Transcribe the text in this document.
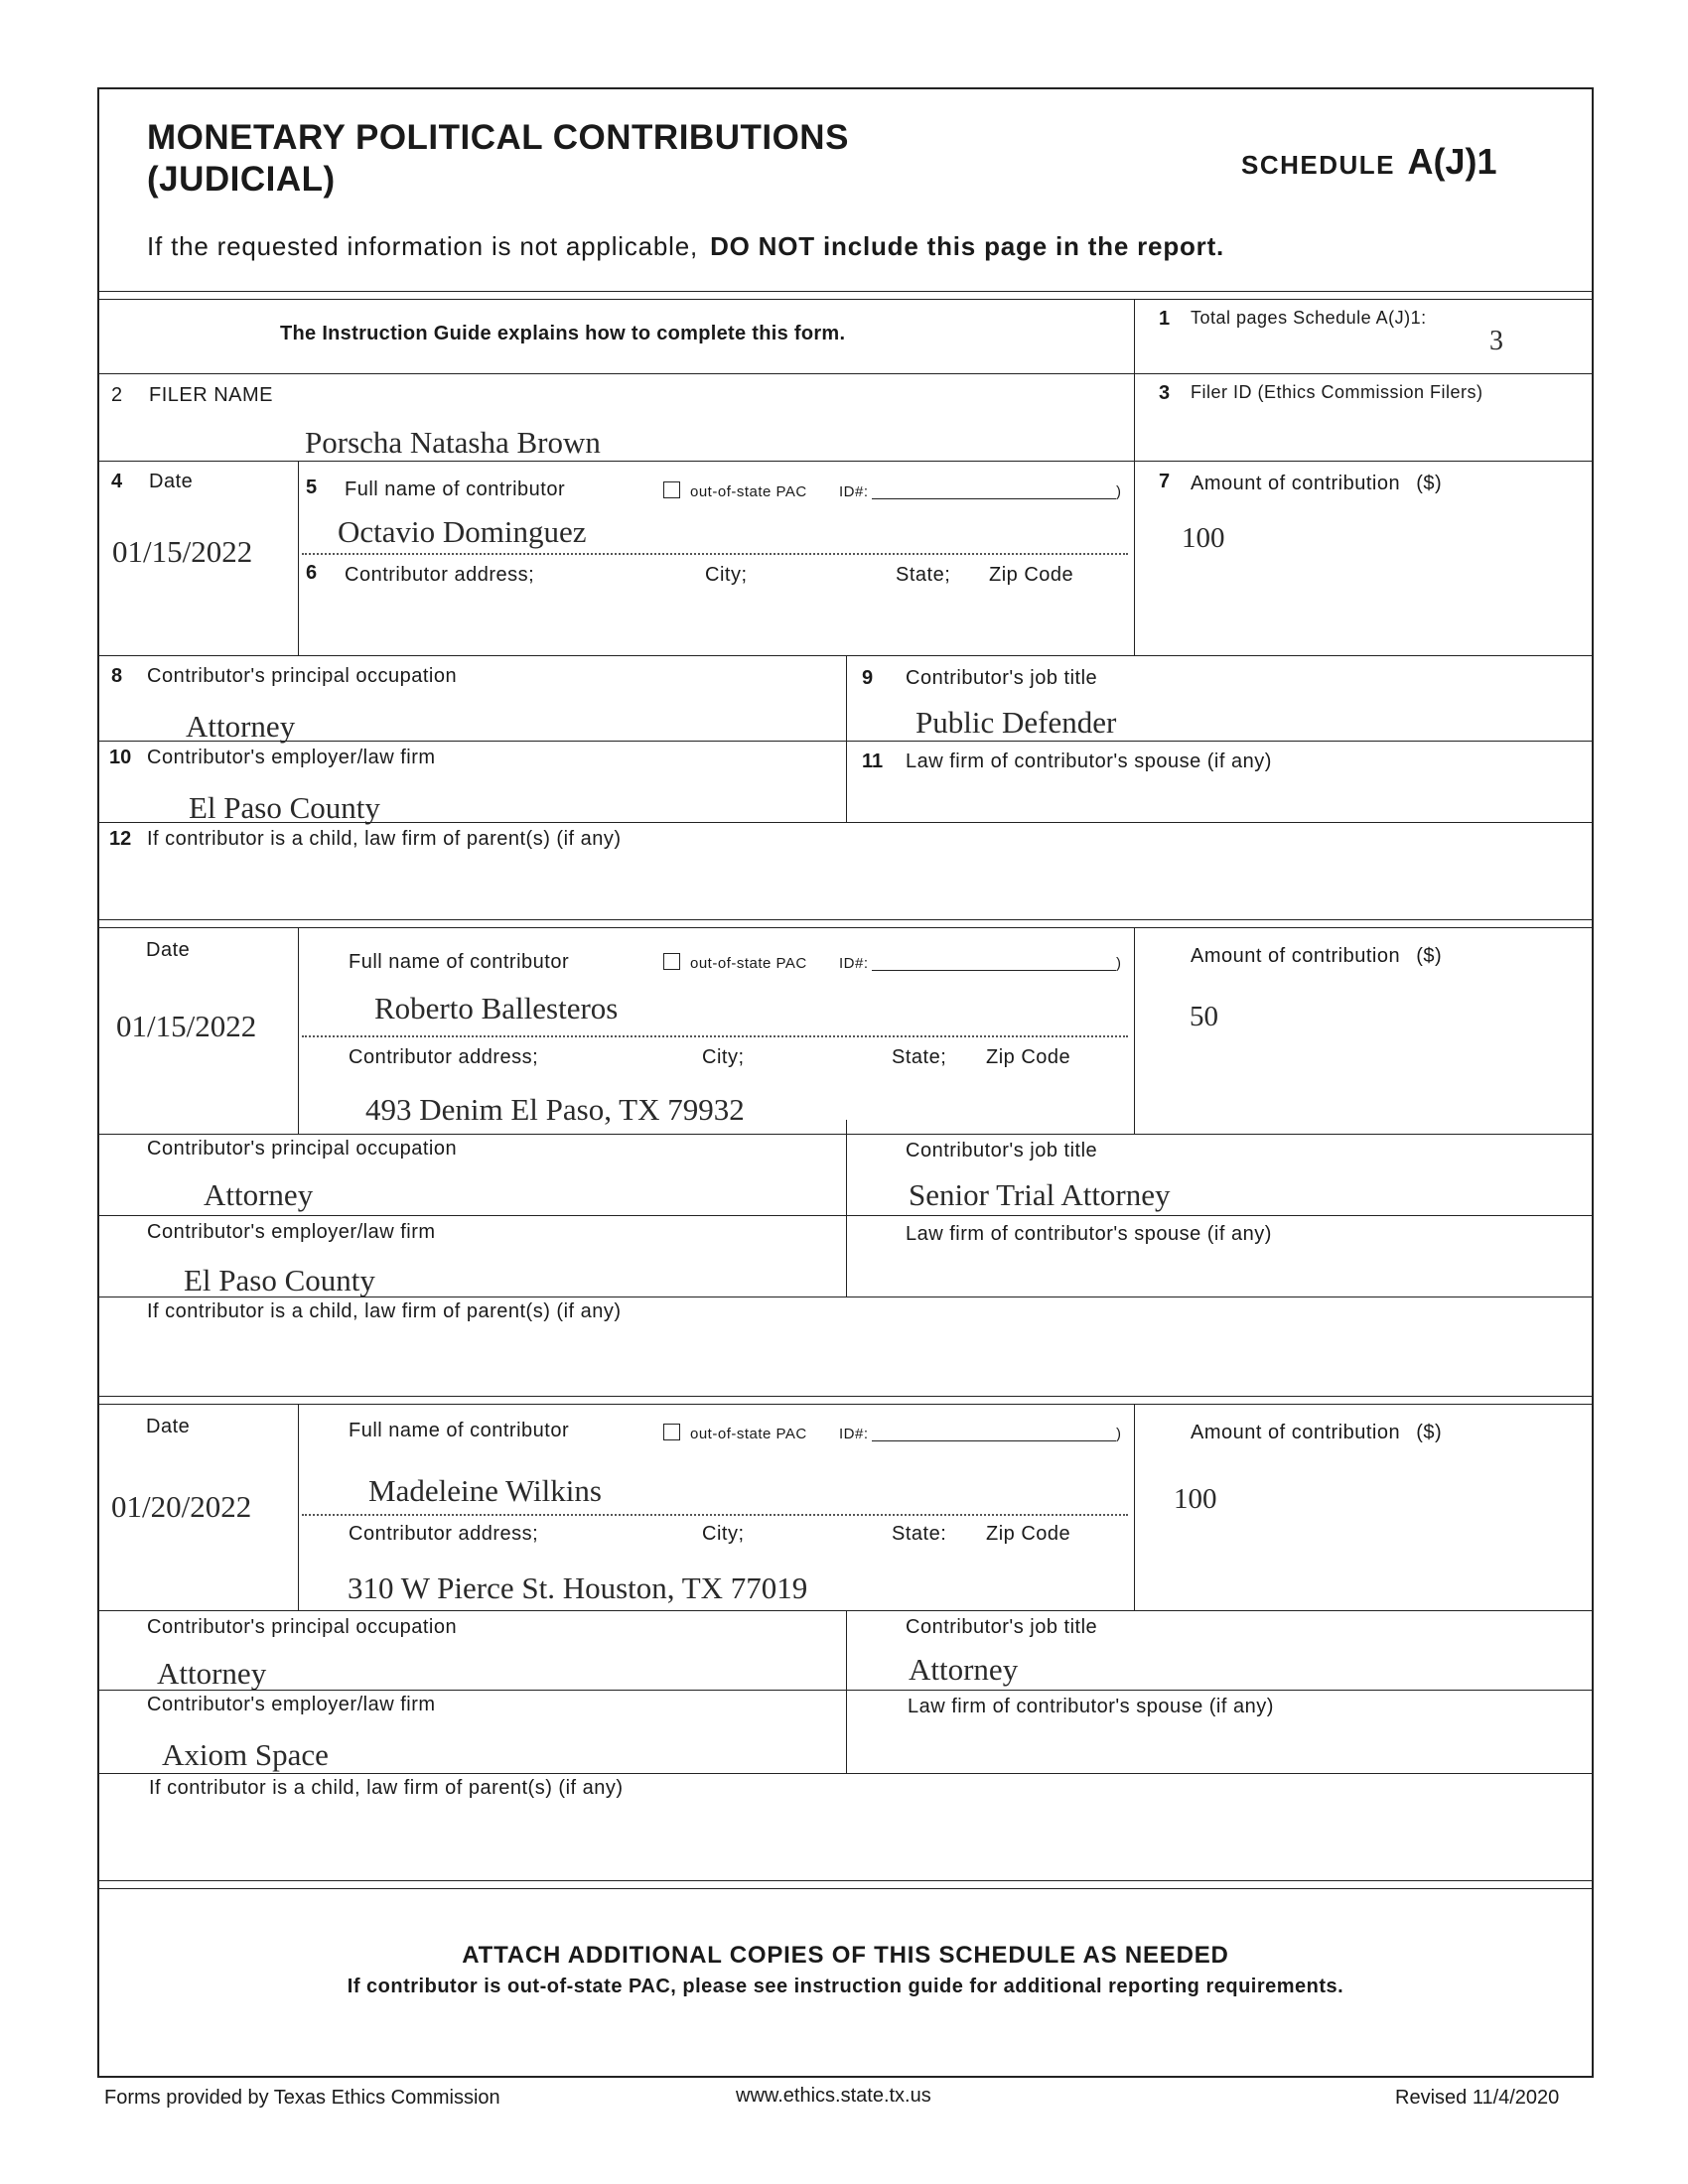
MONETARY POLITICAL CONTRIBUTIONS
(JUDICIAL)	SCHEDULE A(J)1
If the requested information is not applicable, DO NOT include this page in the report.
The Instruction Guide explains how to complete this form.
1 Total pages Schedule A(J)1:
3
2 FILER NAME
Porscha Natasha Brown
3 Filer ID (Ethics Commission Filers)
4 Date
01/15/2022
5 Full name of contributor	out-of-state PAC ID#:	)
Octavio Dominguez
6 Contributor address;	City;	State; Zip Code
7 Amount of contribution ($)
100
8 Contributor's principal occupation
Attorney
9 Contributor's job title
Public Defender
10 Contributor's employer/law firm
El Paso County
11 Law firm of contributor's spouse (if any)
12 If contributor is a child, law firm of parent(s) (if any)
Date
01/15/2022
Full name of contributor	out-of-state PAC ID#:	)
Roberto Ballesteros
Contributor address;	City;	State; Zip Code
493 Denim El Paso, TX 79932
Amount of contribution ($)
50
Contributor's principal occupation
Attorney
Contributor's job title
Senior Trial Attorney
Contributor's employer/law firm
El Paso County
Law firm of contributor's spouse (if any)
If contributor is a child, law firm of parent(s) (if any)
Date
01/20/2022
Full name of contributor	out-of-state PAC ID#:	)
Madeleine Wilkins
Contributor address;	City;	State: Zip Code
310 W Pierce St. Houston, TX 77019
Amount of contribution ($)
100
Contributor's principal occupation
Attorney
Contributor's job title
Attorney
Contributor's employer/law firm
Axiom Space
Law firm of contributor's spouse (if any)
If contributor is a child, law firm of parent(s) (if any)
ATTACH ADDITIONAL COPIES OF THIS SCHEDULE AS NEEDED
If contributor is out-of-state PAC, please see instruction guide for additional reporting requirements.
Forms provided by Texas Ethics Commission	www.ethics.state.tx.us	Revised 11/4/2020
